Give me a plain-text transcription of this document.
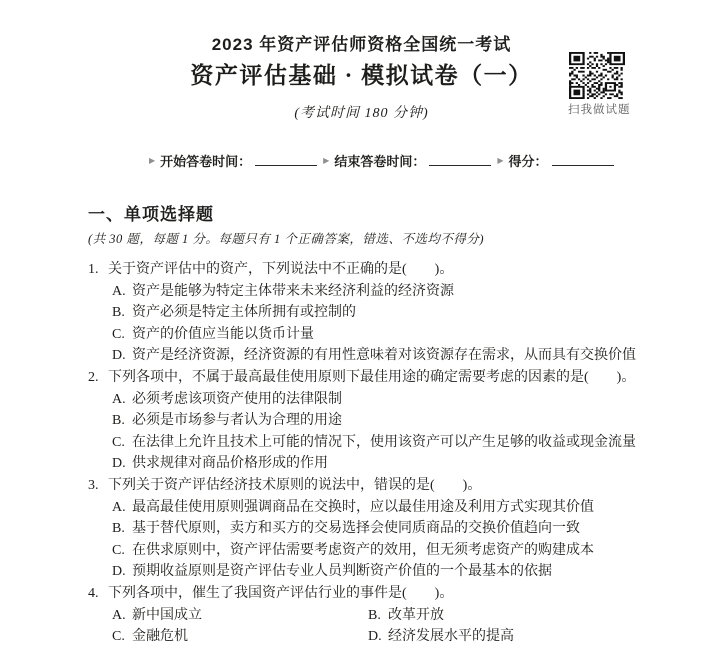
2023 年资产评估师资格全国统一考试
资产评估基础 · 模拟试卷（一）
(考试时间 180 分钟)	扫我做试题
▶ 开始答卷时间：	▶ 结束答卷时间：	▶ 得分：
一、单项选择题
(共 30 题，每题 1 分。每题只有 1 个正确答案，错选、不选均不得分)
1. 关于资产评估中的资产，下列说法中不正确的是(　　)。
A. 资产是能够为特定主体带来未来经济利益的经济资源
B. 资产必须是特定主体所拥有或控制的
C. 资产的价值应当能以货币计量
D. 资产是经济资源，经济资源的有用性意味着对该资源存在需求，从而具有交换价值
2. 下列各项中，不属于最高最佳使用原则下最佳用途的确定需要考虑的因素的是(　　)。
A. 必须考虑该项资产使用的法律限制
B. 必须是市场参与者认为合理的用途
C. 在法律上允许且技术上可能的情况下，使用该资产可以产生足够的收益或现金流量
D. 供求规律对商品价格形成的作用
3. 下列关于资产评估经济技术原则的说法中，错误的是(　　)。
A. 最高最佳使用原则强调商品在交换时，应以最佳用途及利用方式实现其价值
B. 基于替代原则，卖方和买方的交易选择会使同质商品的交换价值趋向一致
C. 在供求原则中，资产评估需要考虑资产的效用，但无须考虑资产的购建成本
D. 预期收益原则是资产评估专业人员判断资产价值的一个最基本的依据
4. 下列各项中，催生了我国资产评估行业的事件是(　　)。
A. 新中国成立	B. 改革开放
C. 金融危机	D. 经济发展水平的提高
